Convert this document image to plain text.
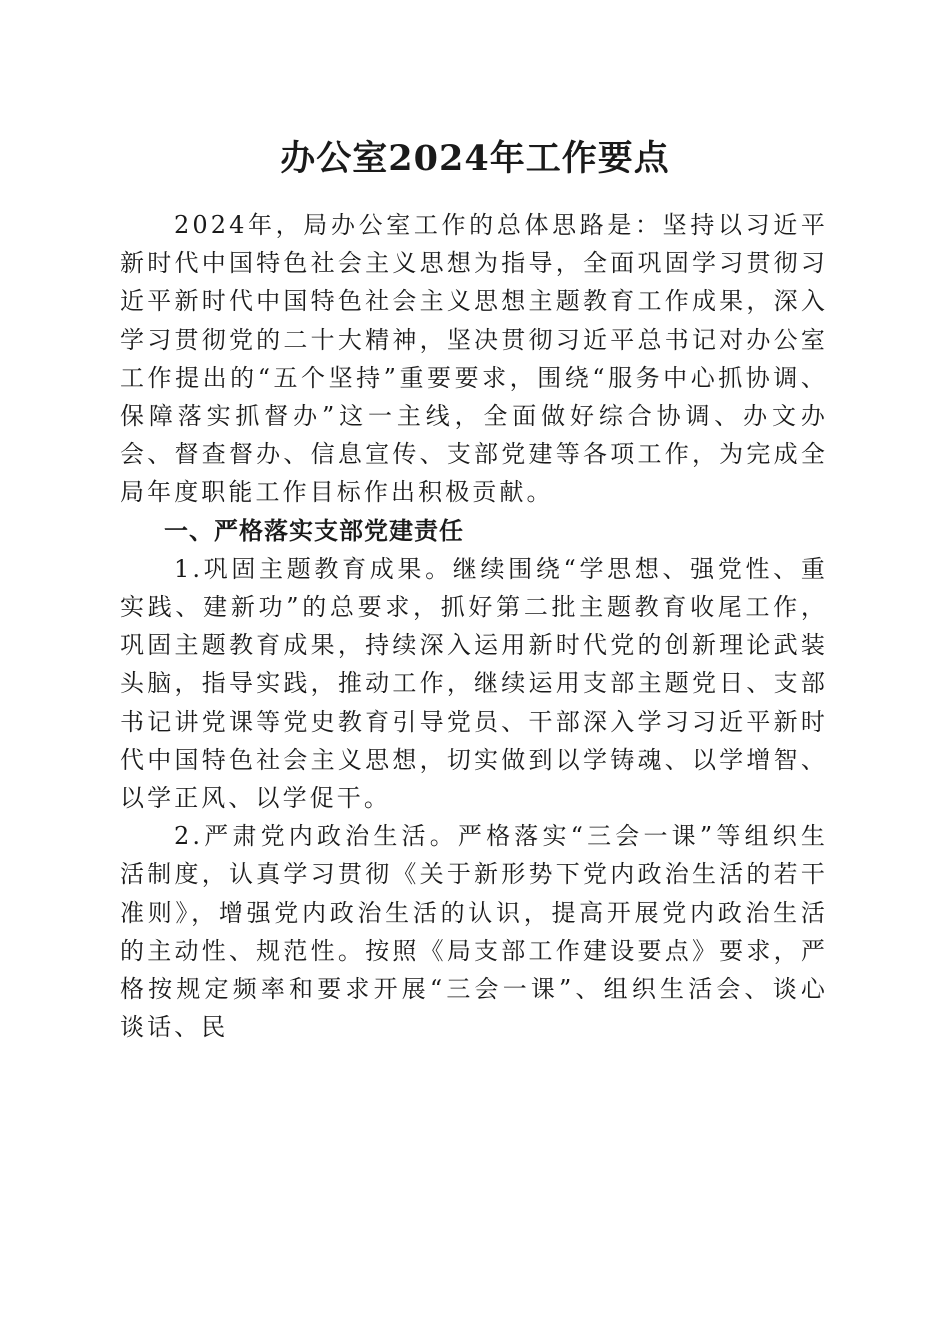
办公室2024年工作要点

2024年，局办公室工作的总体思路是：坚持以习近平新时代中国特色社会主义思想为指导，全面巩固学习贯彻习近平新时代中国特色社会主义思想主题教育工作成果，深入学习贯彻党的二十大精神，坚决贯彻习近平总书记对办公室工作提出的“五个坚持”重要要求，围绕“服务中心抓协调、保障落实抓督办”这一主线，全面做好综合协调、办文办会、督查督办、信息宣传、支部党建等各项工作，为完成全局年度职能工作目标作出积极贡献。

一、严格落实支部党建责任

1.巩固主题教育成果。继续围绕“学思想、强党性、重实践、建新功”的总要求，抓好第二批主题教育收尾工作，巩固主题教育成果，持续深入运用新时代党的创新理论武装头脑，指导实践，推动工作，继续运用支部主题党日、支部书记讲党课等党史教育引导党员、干部深入学习习近平新时代中国特色社会主义思想，切实做到以学铸魂、以学增智、以学正风、以学促干。

2.严肃党内政治生活。严格落实“三会一课”等组织生活制度，认真学习贯彻《关于新形势下党内政治生活的若干准则》，增强党内政治生活的认识，提高开展党内政治生活的主动性、规范性。按照《局支部工作建设要点》要求，严格按规定频率和要求开展“三会一课”、组织生活会、谈心谈话、民
